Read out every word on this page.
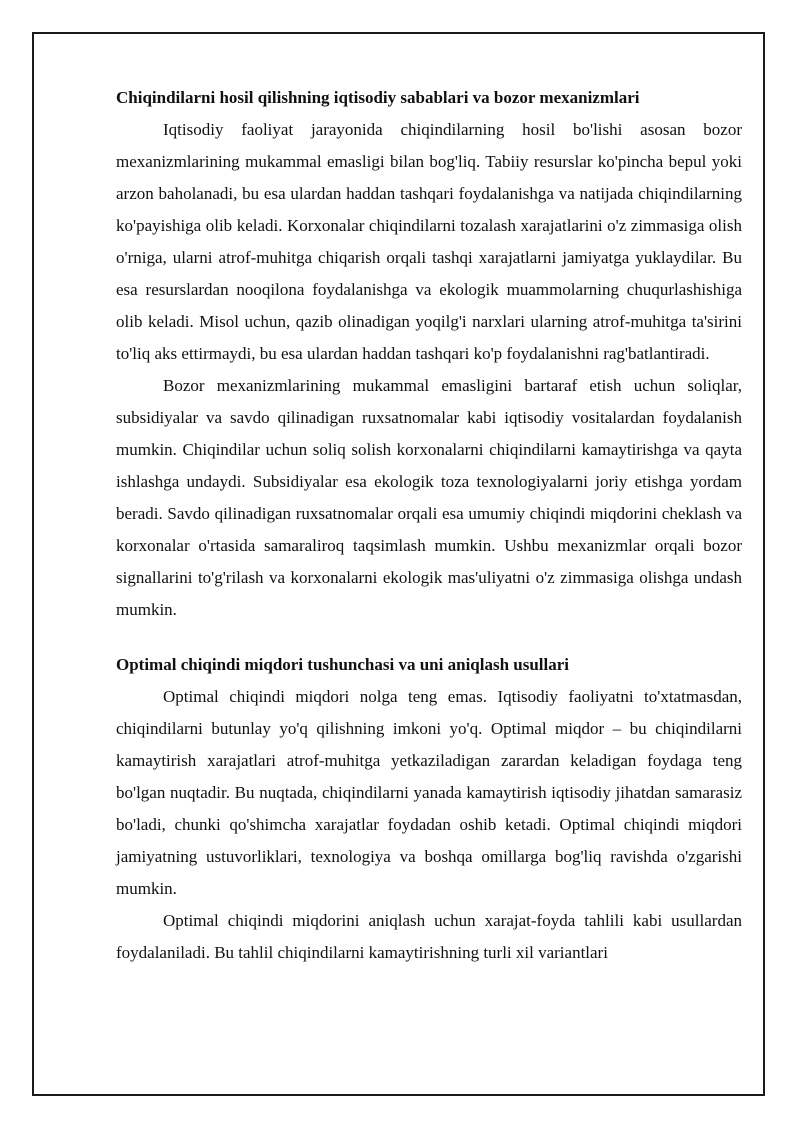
Chiqindilarni hosil qilishning iqtisodiy sabablari va bozor mexanizmlari

Iqtisodiy faoliyat jarayonida chiqindilarning hosil bo'lishi asosan bozor mexanizmlarining mukammal emasligi bilan bog'liq. Tabiiy resurslar ko'pincha bepul yoki arzon baholanadi, bu esa ulardan haddan tashqari foydalanishga va natijada chiqindilarning ko'payishiga olib keladi. Korxonalar chiqindilarni tozalash xarajatlarini o'z zimmasiga olish o'rniga, ularni atrof-muhitga chiqarish orqali tashqi xarajatlarni jamiyatga yuklaydilar. Bu esa resurslardan nooqilona foydalanishga va ekologik muammolarning chuqurlashishiga olib keladi. Misol uchun, qazib olinadigan yoqilg'i narxlari ularning atrof-muhitga ta'sirini to'liq aks ettirmaydi, bu esa ulardan haddan tashqari ko'p foydalanishni rag'batlantiradi.

Bozor mexanizmlarining mukammal emasligini bartaraf etish uchun soliqlar, subsidiyalar va savdo qilinadigan ruxsatnomalar kabi iqtisodiy vositalardan foydalanish mumkin. Chiqindilar uchun soliq solish korxonalarni chiqindilarni kamaytirishga va qayta ishlashga undaydi. Subsidiyalar esa ekologik toza texnologiyalarni joriy etishga yordam beradi. Savdo qilinadigan ruxsatnomalar orqali esa umumiy chiqindi miqdorini cheklash va korxonalar o'rtasida samaraliroq taqsimlash mumkin. Ushbu mexanizmlar orqali bozor signallarini to'g'rilash va korxonalarni ekologik mas'uliyatni o'z zimmasiga olishga undash mumkin.

Optimal chiqindi miqdori tushunchasi va uni aniqlash usullari

Optimal chiqindi miqdori nolga teng emas. Iqtisodiy faoliyatni to'xtatmasdan, chiqindilarni butunlay yo'q qilishning imkoni yo'q. Optimal miqdor – bu chiqindilarni kamaytirish xarajatlari atrof-muhitga yetkaziladigan zarardan keladigan foydaga teng bo'lgan nuqtadir. Bu nuqtada, chiqindilarni yanada kamaytirish iqtisodiy jihatdan samarasiz bo'ladi, chunki qo'shimcha xarajatlar foydadan oshib ketadi. Optimal chiqindi miqdori jamiyatning ustuvorliklari, texnologiya va boshqa omillarga bog'liq ravishda o'zgarishi mumkin.

Optimal chiqindi miqdorini aniqlash uchun xarajat-foyda tahlili kabi usullardan foydalaniladi. Bu tahlil chiqindilarni kamaytirishning turli xil variantlari
